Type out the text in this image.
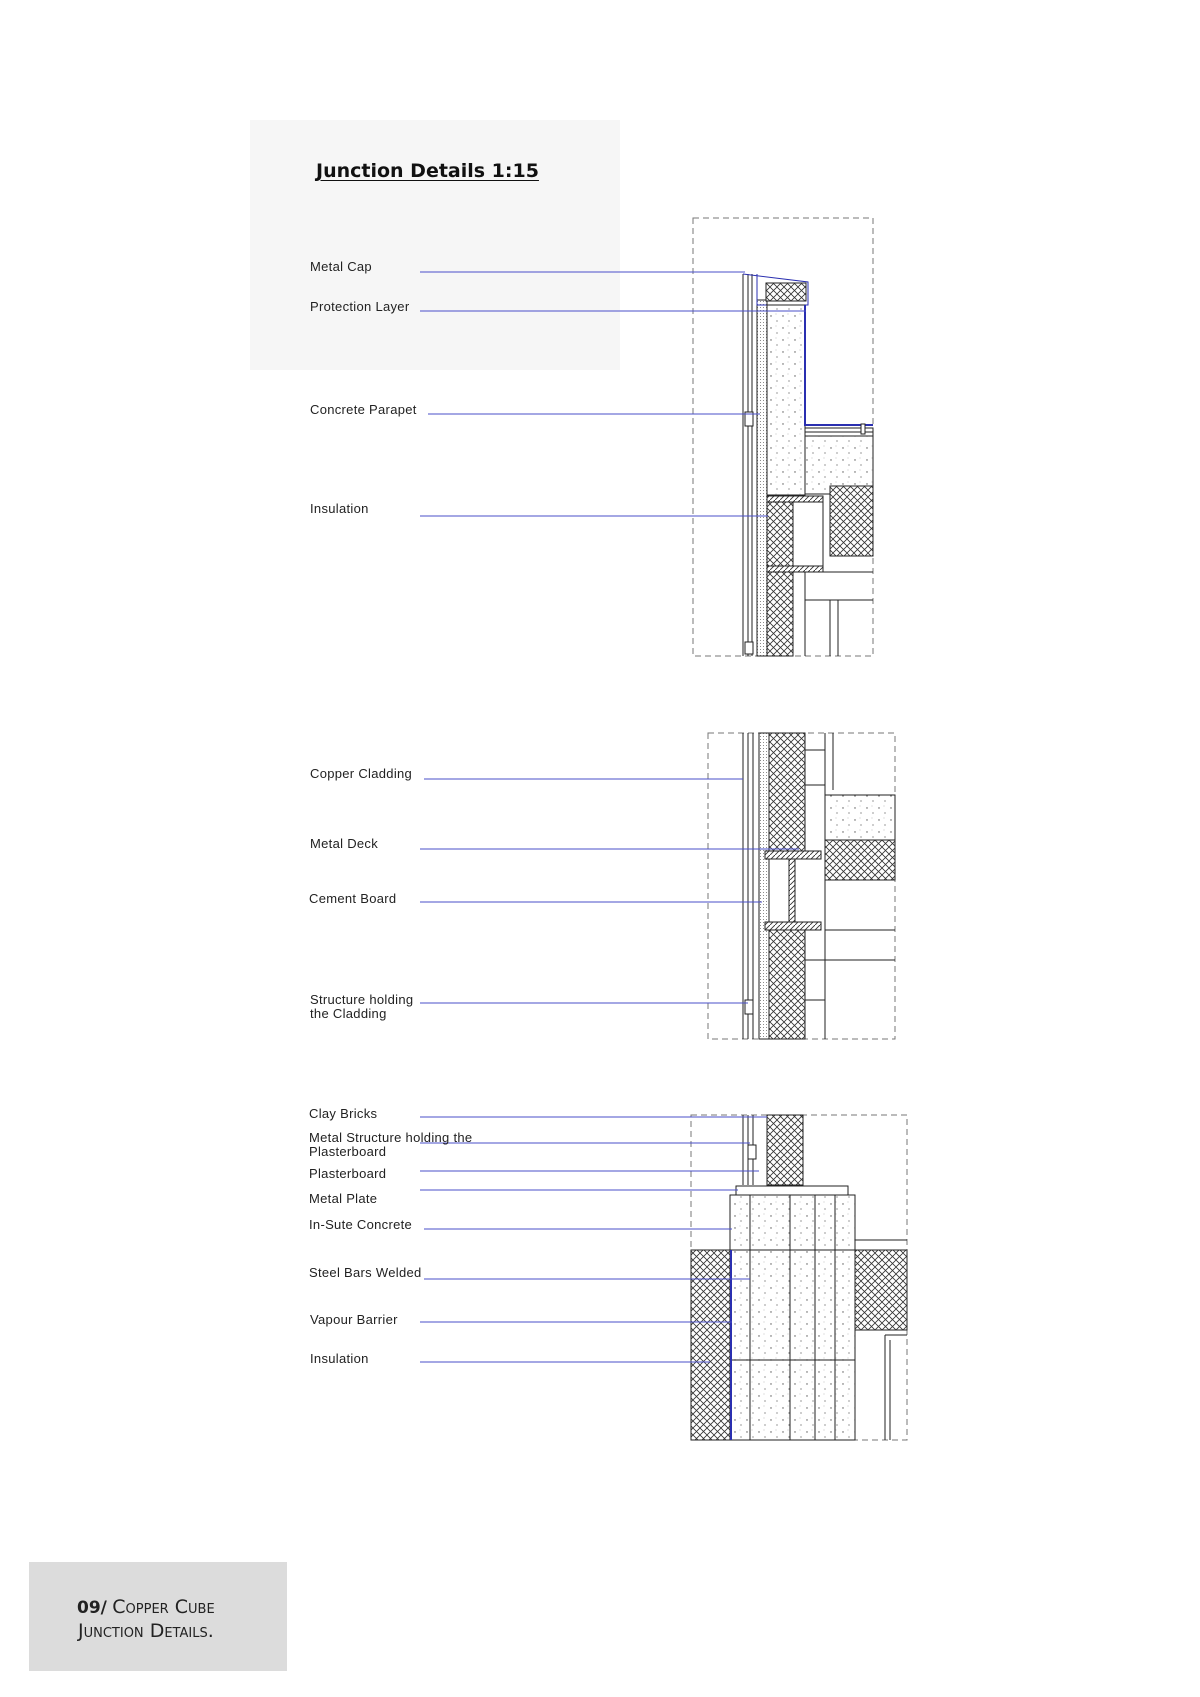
Junction Details 1:15
Metal Cap
Protection Layer
Concrete Parapet
Insulation
Copper Cladding
Metal Deck
Cement Board
Structure holding the Cladding
Clay Bricks
Metal Structure holding the Plasterboard
Plasterboard
Metal Plate
In-Sute Concrete
Steel Bars Welded
Vapour Barrier
Insulation
09/ Copper Cube
Junction Details.
